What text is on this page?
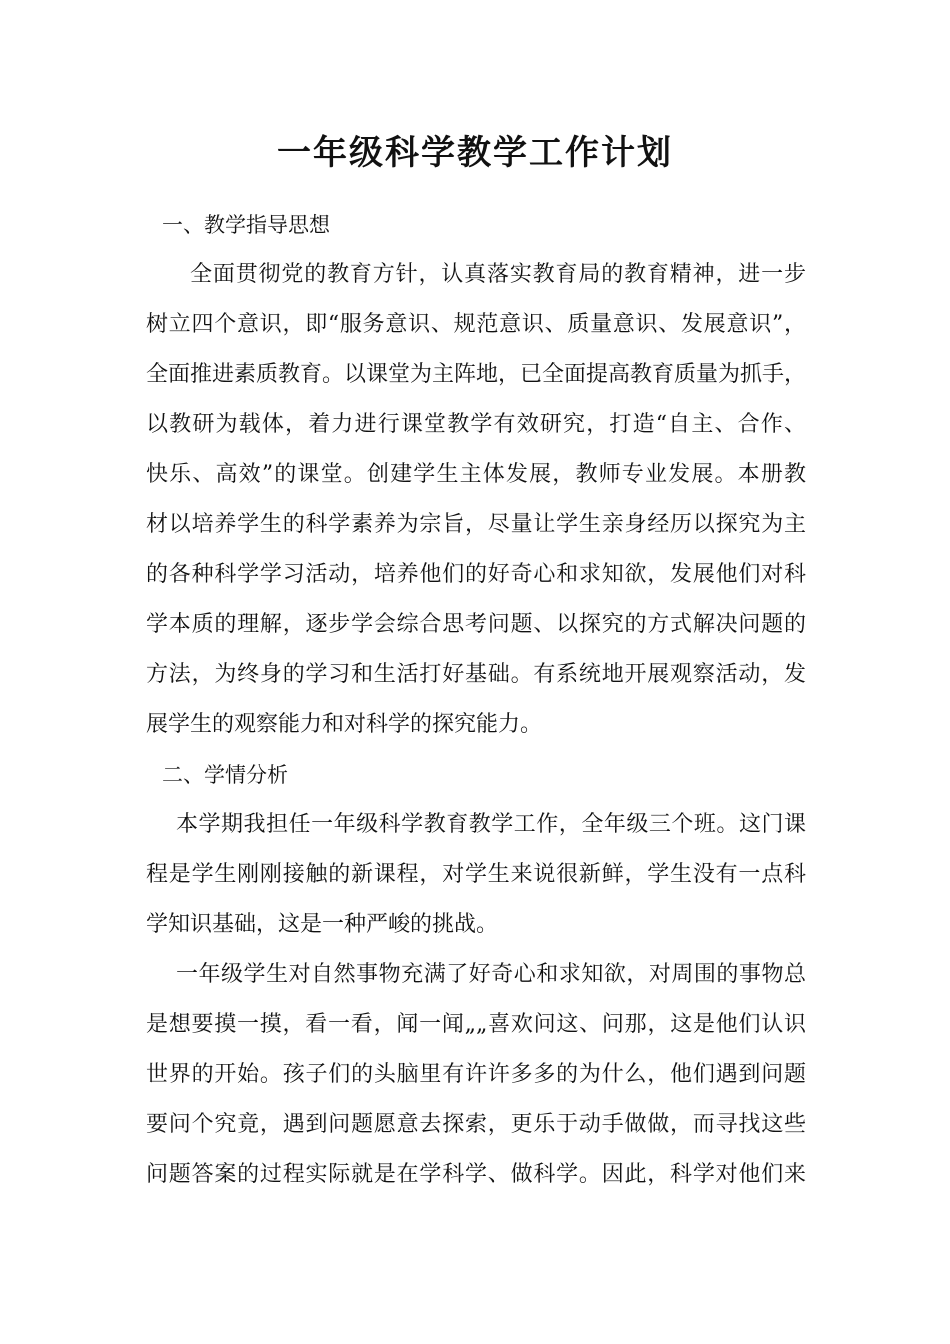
一年级科学教学工作计划

一、教学指导思想

全面贯彻党的教育方针，认真落实教育局的教育精神，进一步

树立四个意识，即“服务意识、规范意识、质量意识、发展意识”，

全面推进素质教育。以课堂为主阵地，已全面提高教育质量为抓手，

以教研为载体，着力进行课堂教学有效研究，打造“自主、合作、

快乐、高效”的课堂。创建学生主体发展，教师专业发展。本册教

材以培养学生的科学素养为宗旨，尽量让学生亲身经历以探究为主

的各种科学学习活动，培养他们的好奇心和求知欲，发展他们对科

学本质的理解，逐步学会综合思考问题、以探究的方式解决问题的

方法，为终身的学习和生活打好基础。有系统地开展观察活动，发

展学生的观察能力和对科学的探究能力。

二、学情分析

本学期我担任一年级科学教育教学工作，全年级三个班。这门课

程是学生刚刚接触的新课程，对学生来说很新鲜，学生没有一点科

学知识基础，这是一种严峻的挑战。

一年级学生对自然事物充满了好奇心和求知欲，对周围的事物总

是想要摸一摸，看一看，闻一闻„„喜欢问这、问那，这是他们认识

世界的开始。孩子们的头脑里有许许多多的为什么，他们遇到问题

要问个究竟，遇到问题愿意去探索，更乐于动手做做，而寻找这些

问题答案的过程实际就是在学科学、做科学。因此，科学对他们来
